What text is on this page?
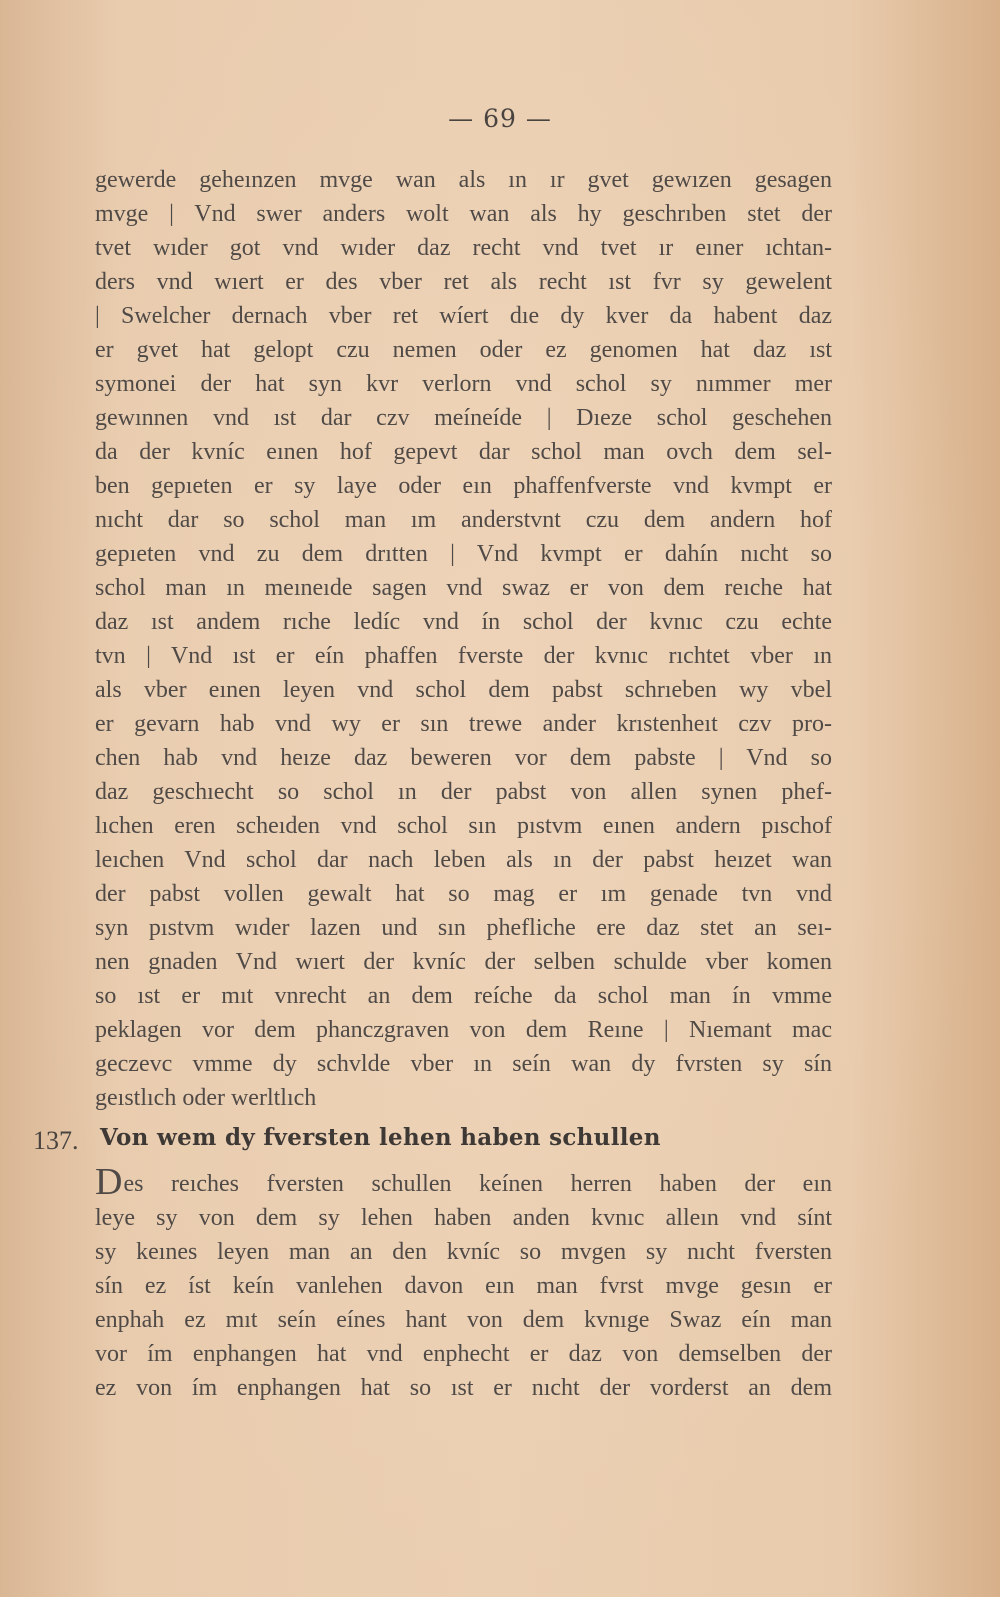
— 69 —
gewerde geheınzen mvge wan als ın ır gvet gewızen gesagen
mvge | Vnd swer anders wolt wan als hy geschrıben stet der
tvet wıder got vnd wıder daz recht vnd tvet ır eıner ıchtan-
ders vnd wıert er des vber ret als recht ıst fvr sy gewelent
| Swelcher dernach vber ret wíert dıe dy kver da habent daz
er gvet hat gelopt czu nemen oder ez genomen hat daz ıst
symonei der hat syn kvr verlorn vnd schol sy nımmer mer
gewınnen vnd ıst dar czv meíneíde | Dıeze schol geschehen
da der kvníc eınen hof gepevt dar schol man ovch dem sel-
ben gepıeten er sy laye oder eın phaffenfverste vnd kvmpt er
nıcht dar so schol man ım anderstvnt czu dem andern hof
gepıeten vnd zu dem drıtten | Vnd kvmpt er dahín nıcht so
schol man ın meıneıde sagen vnd swaz er von dem reıche hat
daz ıst andem rıche ledíc vnd ín schol der kvnıc czu echte
tvn | Vnd ıst er eín phaffen fverste der kvnıc rıchtet vber ın
als vber eınen leyen vnd schol dem pabst schrıeben wy vbel
er gevarn hab vnd wy er sın trewe ander krıstenheıt czv pro-
chen hab vnd heıze daz beweren vor dem pabste | Vnd so
daz geschıecht so schol ın der pabst von allen synen phef-
lıchen eren scheıden vnd schol sın pıstvm eınen andern pıschof
leıchen Vnd schol dar nach leben als ın der pabst heızet wan
der pabst vollen gewalt hat so mag er ım genade tvn vnd
syn pıstvm wıder lazen und sın phefliche ere daz stet an seı-
nen gnaden Vnd wıert der kvníc der selben schulde vber komen
so ıst er mıt vnrecht an dem reíche da schol man ín vmme
peklagen vor dem phanczgraven von dem Reıne | Nıemant mac
geczevc vmme dy schvlde vber ın seín wan dy fvrsten sy sín
geıstlıch oder werltlıch
137. Von wem dy fversten lehen haben schullen
Des reıches fversten schullen keínen herren haben der eın
leye sy von dem sy lehen haben anden kvnıc alleın vnd sínt
sy keınes leyen man an den kvníc so mvgen sy nıcht fversten
sín ez íst keín vanlehen davon eın man fvrst mvge gesın er
enphah ez mıt seín eínes hant von dem kvnıge Swaz eín man
vor ím enphangen hat vnd enphecht er daz von demselben der
ez von ím enphangen hat so ıst er nıcht der vorderst an dem
